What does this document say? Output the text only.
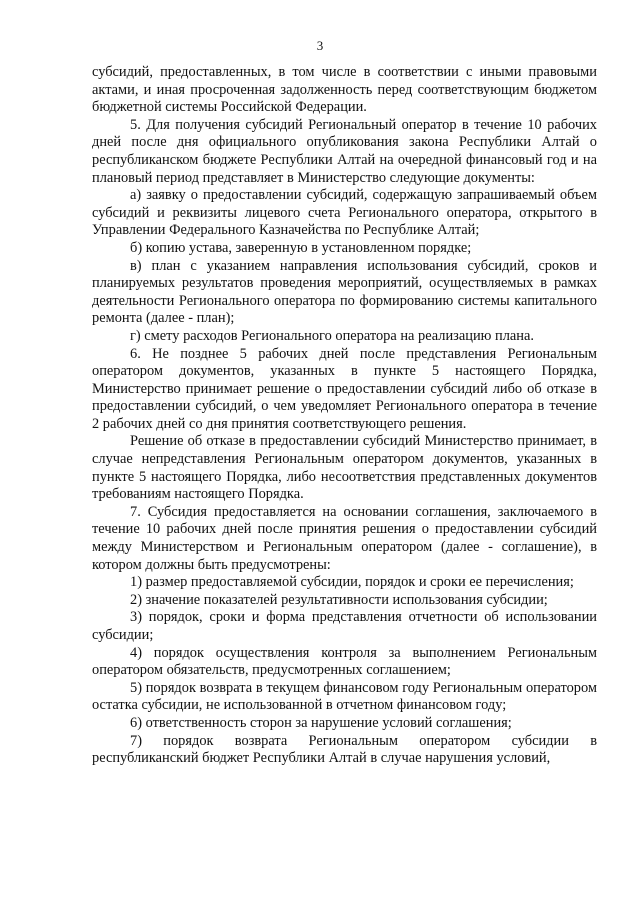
3

субсидий, предоставленных, в том числе в соответствии с иными правовыми актами, и иная просроченная задолженность перед соответствующим бюджетом бюджетной системы Российской Федерации.

5. Для получения субсидий Региональный оператор в течение 10 рабочих дней после дня официального опубликования закона Республики Алтай о республиканском бюджете Республики Алтай на очередной финансовый год и на плановый период представляет в Министерство следующие документы:

а) заявку о предоставлении субсидий, содержащую запрашиваемый объем субсидий и реквизиты лицевого счета Регионального оператора, открытого в Управлении Федерального Казначейства по Республике Алтай;

б) копию устава, заверенную в установленном порядке;

в) план с указанием направления использования субсидий, сроков и планируемых результатов проведения мероприятий, осуществляемых в рамках деятельности Регионального оператора по формированию системы капитального ремонта (далее - план);

г) смету расходов Регионального оператора на реализацию плана.

6. Не позднее 5 рабочих дней после представления Региональным оператором документов, указанных в пункте 5 настоящего Порядка, Министерство принимает решение о предоставлении субсидий либо об отказе в предоставлении субсидий, о чем уведомляет Регионального оператора в течение 2 рабочих дней со дня принятия соответствующего решения.

Решение об отказе в предоставлении субсидий Министерство принимает, в случае непредставления Региональным оператором документов, указанных в пункте 5 настоящего Порядка, либо несоответствия представленных документов требованиям настоящего Порядка.

7. Субсидия предоставляется на основании соглашения, заключаемого в течение 10 рабочих дней после принятия решения о предоставлении субсидий между Министерством и Региональным оператором (далее - соглашение), в котором должны быть предусмотрены:

1) размер предоставляемой субсидии, порядок и сроки ее перечисления;

2) значение показателей результативности использования субсидии;

3) порядок, сроки и форма представления отчетности об использовании субсидии;

4) порядок осуществления контроля за выполнением Региональным оператором обязательств, предусмотренных соглашением;

5) порядок возврата в текущем финансовом году Региональным оператором остатка субсидии, не использованной в отчетном финансовом году;

6) ответственность сторон за нарушение условий соглашения;

7) порядок возврата Региональным оператором субсидии в республиканский бюджет Республики Алтай в случае нарушения условий,
